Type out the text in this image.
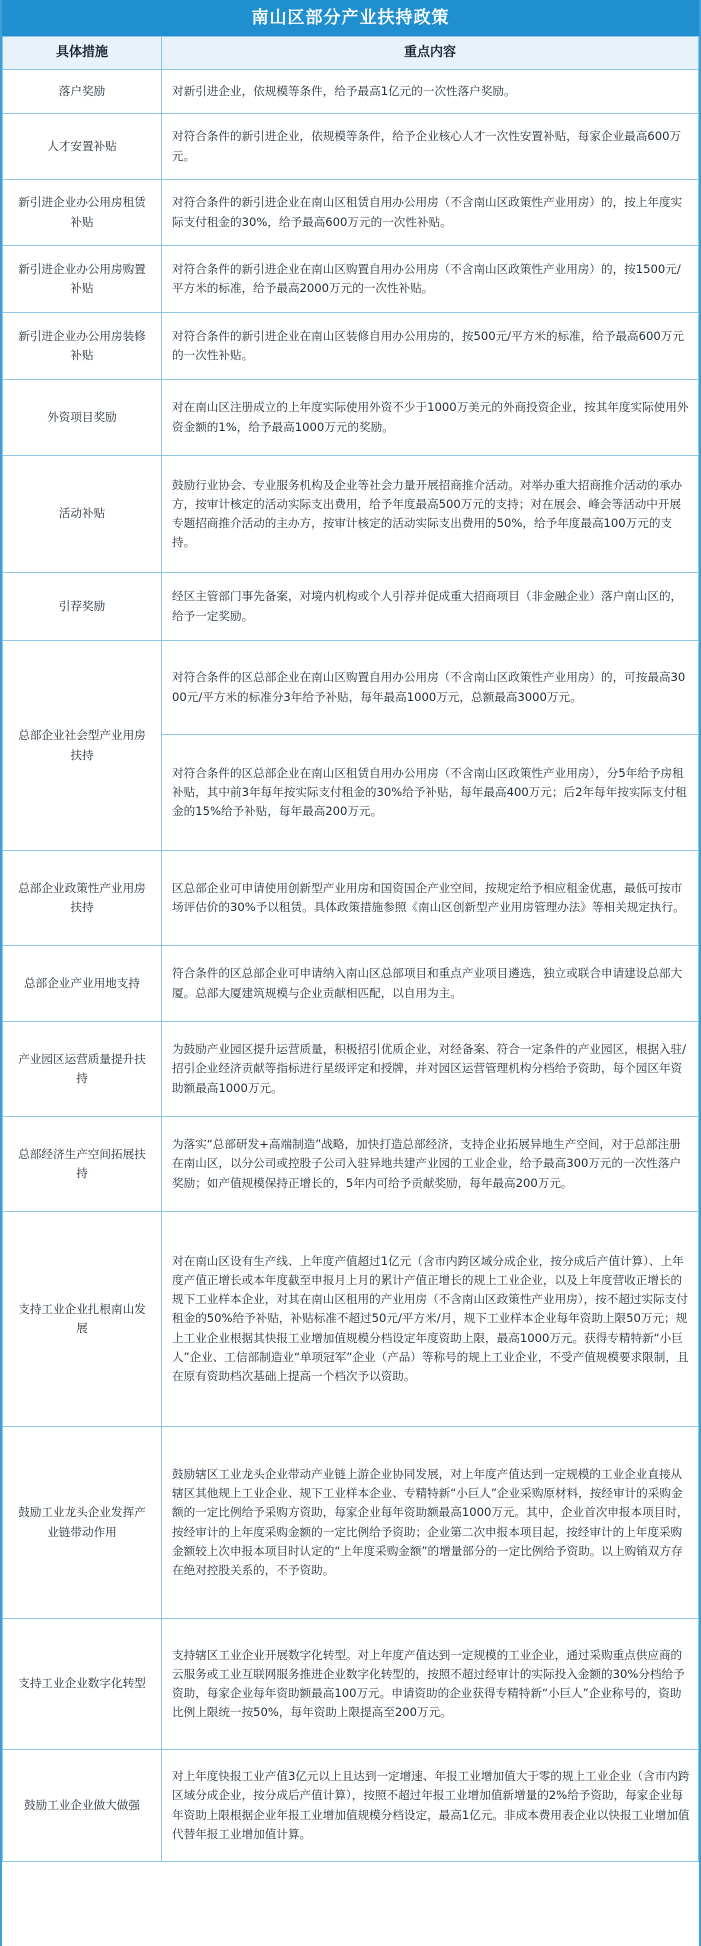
南山区部分产业扶持政策
具体措施	重点内容
落户奖励	对新引进企业，依规模等条件，给予最高1亿元的一次性落户奖励。
人才安置补贴	对符合条件的新引进企业，依规模等条件，给予企业核心人才一次性安置补贴，每家企业最高600万元。
新引进企业办公用房租赁补贴	对符合条件的新引进企业在南山区租赁自用办公用房（不含南山区政策性产业用房）的，按上年度实际支付租金的30%，给予最高600万元的一次性补贴。
新引进企业办公用房购置补贴	对符合条件的新引进企业在南山区购置自用办公用房（不含南山区政策性产业用房）的，按1500元/平方米的标准，给予最高2000万元的一次性补贴。
新引进企业办公用房装修补贴	对符合条件的新引进企业在南山区装修自用办公用房的，按500元/平方米的标准，给予最高600万元的一次性补贴。
外资项目奖励	对在南山区注册成立的上年度实际使用外资不少于1000万美元的外商投资企业，按其年度实际使用外资金额的1%，给予最高1000万元的奖励。
活动补贴	鼓励行业协会、专业服务机构及企业等社会力量开展招商推介活动。对举办重大招商推介活动的承办方，按审计核定的活动实际支出费用，给予年度最高500万元的支持；对在展会、峰会等活动中开展专题招商推介活动的主办方，按审计核定的活动实际支出费用的50%，给予年度最高100万元的支持。
引荐奖励	经区主管部门事先备案，对境内机构或个人引荐并促成重大招商项目（非金融企业）落户南山区的，给予一定奖励。
总部企业社会型产业用房扶持	对符合条件的区总部企业在南山区购置自用办公用房（不含南山区政策性产业用房）的，可按最高3000元/平方米的标准分3年给予补贴，每年最高1000万元，总额最高3000万元。
	对符合条件的区总部企业在南山区租赁自用办公用房（不含南山区政策性产业用房），分5年给予房租补贴，其中前3年每年按实际支付租金的30%给予补贴，每年最高400万元；后2年每年按实际支付租金的15%给予补贴，每年最高200万元。
总部企业政策性产业用房扶持	区总部企业可申请使用创新型产业用房和国资国企产业空间，按规定给予相应租金优惠，最低可按市场评估价的30%予以租赁。具体政策措施参照《南山区创新型产业用房管理办法》等相关规定执行。
总部企业产业用地支持	符合条件的区总部企业可申请纳入南山区总部项目和重点产业项目遴选，独立或联合申请建设总部大厦。总部大厦建筑规模与企业贡献相匹配，以自用为主。
产业园区运营质量提升扶持	为鼓励产业园区提升运营质量，积极招引优质企业，对经备案、符合一定条件的产业园区，根据入驻/招引企业经济贡献等指标进行星级评定和授牌，并对园区运营管理机构分档给予资助，每个园区年资助额最高1000万元。
总部经济生产空间拓展扶持	为落实“总部研发+高端制造”战略，加快打造总部经济，支持企业拓展异地生产空间，对于总部注册在南山区，以分公司或控股子公司入驻异地共建产业园的工业企业，给予最高300万元的一次性落户奖励；如产值规模保持正增长的，5年内可给予贡献奖励，每年最高200万元。
支持工业企业扎根南山发展	对在南山区设有生产线、上年度产值超过1亿元（含市内跨区域分成企业，按分成后产值计算）、上年度产值正增长或本年度截至申报月上月的累计产值正增长的规上工业企业，以及上年度营收正增长的规下工业样本企业，对其在南山区租用的产业用房（不含南山区政策性产业用房），按不超过实际支付租金的50%给予补贴，补贴标准不超过50元/平方米/月，规下工业样本企业每年资助上限50万元；规上工业企业根据其快报工业增加值规模分档设定年度资助上限，最高1000万元。获得专精特新“小巨人”企业、工信部制造业“单项冠军”企业（产品）等称号的规上工业企业，不受产值规模要求限制，且在原有资助档次基础上提高一个档次予以资助。
鼓励工业龙头企业发挥产业链带动作用	鼓励辖区工业龙头企业带动产业链上游企业协同发展，对上年度产值达到一定规模的工业企业直接从辖区其他规上工业企业、规下工业样本企业、专精特新“小巨人”企业采购原材料，按经审计的采购金额的一定比例给予采购方资助，每家企业每年资助额最高1000万元。其中，企业首次申报本项目时，按经审计的上年度采购金额的一定比例给予资助；企业第二次申报本项目起，按经审计的上年度采购金额较上次申报本项目时认定的“上年度采购金额”的增量部分的一定比例给予资助。以上购销双方存在绝对控股关系的，不予资助。
支持工业企业数字化转型	支持辖区工业企业开展数字化转型。对上年度产值达到一定规模的工业企业，通过采购重点供应商的云服务或工业互联网服务推进企业数字化转型的，按照不超过经审计的实际投入金额的30%分档给予资助，每家企业每年资助额最高100万元。申请资助的企业获得专精特新“小巨人”企业称号的，资助比例上限统一按50%，每年资助上限提高至200万元。
鼓励工业企业做大做强	对上年度快报工业产值3亿元以上且达到一定增速、年报工业增加值大于零的规上工业企业（含市内跨区域分成企业，按分成后产值计算），按照不超过年报工业增加值新增量的2%给予资助，每家企业每年资助上限根据企业年报工业增加值规模分档设定，最高1亿元。非成本费用表企业以快报工业增加值代替年报工业增加值计算。
